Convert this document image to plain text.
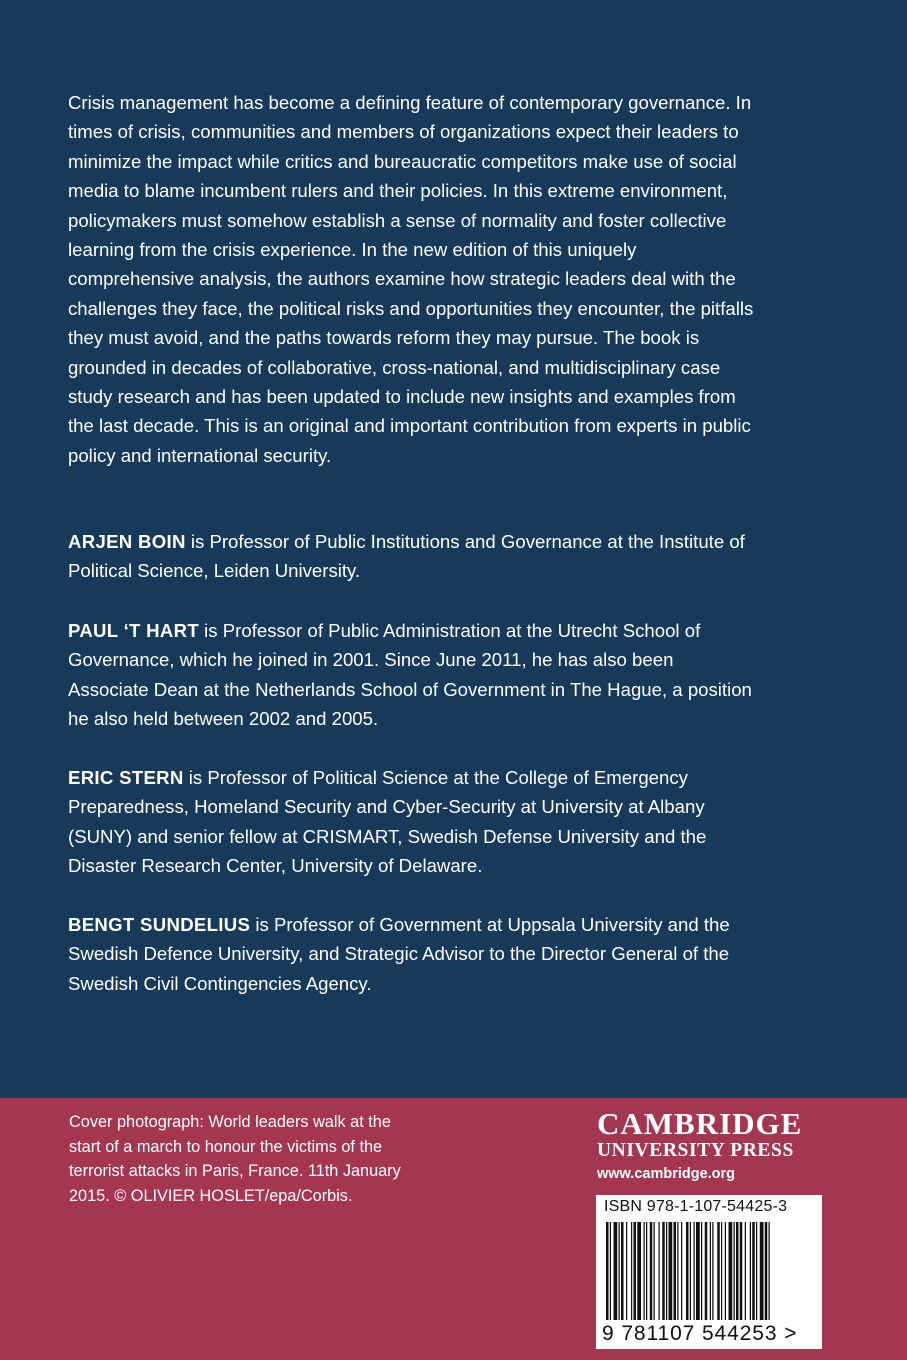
Crisis management has become a defining feature of contemporary governance. In times of crisis, communities and members of organizations expect their leaders to minimize the impact while critics and bureaucratic competitors make use of social media to blame incumbent rulers and their policies. In this extreme environment, policymakers must somehow establish a sense of normality and foster collective learning from the crisis experience. In the new edition of this uniquely comprehensive analysis, the authors examine how strategic leaders deal with the challenges they face, the political risks and opportunities they encounter, the pitfalls they must avoid, and the paths towards reform they may pursue. The book is grounded in decades of collaborative, cross-national, and multidisciplinary case study research and has been updated to include new insights and examples from the last decade. This is an original and important contribution from experts in public policy and international security.

ARJEN BOIN is Professor of Public Institutions and Governance at the Institute of Political Science, Leiden University.

PAUL ‘T HART is Professor of Public Administration at the Utrecht School of Governance, which he joined in 2001. Since June 2011, he has also been Associate Dean at the Netherlands School of Government in The Hague, a position he also held between 2002 and 2005.

ERIC STERN is Professor of Political Science at the College of Emergency Preparedness, Homeland Security and Cyber-Security at University at Albany (SUNY) and senior fellow at CRISMART, Swedish Defense University and the Disaster Research Center, University of Delaware.

BENGT SUNDELIUS is Professor of Government at Uppsala University and the Swedish Defence University, and Strategic Advisor to the Director General of the Swedish Civil Contingencies Agency.

Cover photograph: World leaders walk at the start of a march to honour the victims of the terrorist attacks in Paris, France. 11th January 2015. © OLIVIER HOSLET/epa/Corbis.

CAMBRIDGE
UNIVERSITY PRESS
www.cambridge.org
ISBN 978-1-107-54425-3
9 781107 544253 >
